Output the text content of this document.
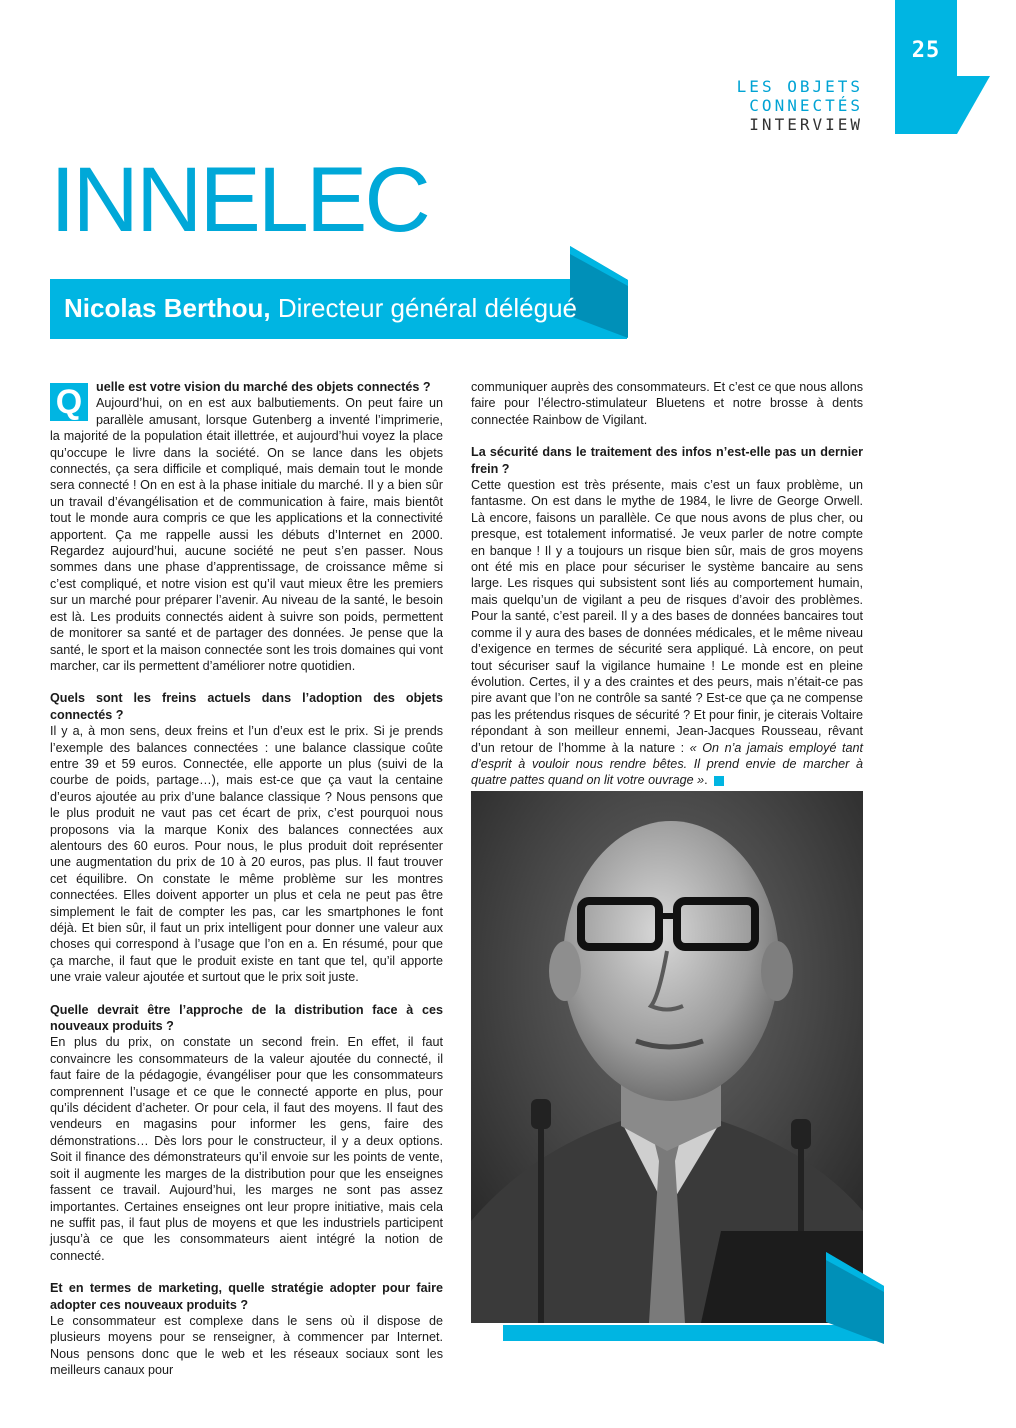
25
LES OBJETS
CONNECTÉS
INTERVIEW
INNELEC
Nicolas Berthou, Directeur général délégué
Q	uelle est votre vision du marché des objets connectés ?

Aujourd’hui, on en est aux balbutiements. On peut faire un parallèle amusant, lorsque Gutenberg a inventé l’imprimerie, la majorité de la population était illettrée, et aujourd’hui voyez la place qu’occupe le livre dans la société. On se lance dans les objets connectés, ça sera difficile et compliqué, mais demain tout le monde sera connecté ! On en est à la phase initiale du marché. Il y a bien sûr un travail d’évangélisation et de communication à faire, mais bientôt tout le monde aura compris ce que les applications et la connectivité apportent. Ça me rappelle aussi les débuts d’Internet en 2000. Regardez aujourd’hui, aucune société ne peut s’en passer. Nous sommes dans une phase d’apprentissage, de croissance même si c’est compliqué, et notre vision est qu’il vaut mieux être les premiers sur un marché pour préparer l’avenir. Au niveau de la santé, le besoin est là. Les produits connectés aident à suivre son poids, permettent de monitorer sa santé et de partager des données. Je pense que la santé, le sport et la maison connectée sont les trois domaines qui vont marcher, car ils permettent d’améliorer notre quotidien.

Quels sont les freins actuels dans l’adoption des objets connectés ?

Il y a, à mon sens, deux freins et l’un d’eux est le prix. Si je prends l’exemple des balances connectées : une balance classique coûte entre 39 et 59 euros. Connectée, elle apporte un plus (suivi de la courbe de poids, partage…), mais est-ce que ça vaut la centaine d’euros ajoutée au prix d’une balance classique ? Nous pensons que le plus produit ne vaut pas cet écart de prix, c’est pourquoi nous proposons via la marque Konix des balances connectées aux alentours des 60 euros. Pour nous, le plus produit doit représenter une augmentation du prix de 10 à 20 euros, pas plus. Il faut trouver cet équilibre. On constate le même problème sur les montres connectées. Elles doivent apporter un plus et cela ne peut pas être simplement le fait de compter les pas, car les smartphones le font déjà. Et bien sûr, il faut un prix intelligent pour donner une valeur aux choses qui correspond à l’usage que l’on en a. En résumé, pour que ça marche, il faut que le produit existe en tant que tel, qu’il apporte une vraie valeur ajoutée et surtout que le prix soit juste.

Quelle devrait être l’approche de la distribution face à ces nouveaux produits ?

En plus du prix, on constate un second frein. En effet, il faut convaincre les consommateurs de la valeur ajoutée du connecté, il faut faire de la pédagogie, évangéliser pour que les consommateurs comprennent l’usage et ce que le connecté apporte en plus, pour qu’ils décident d’acheter. Or pour cela, il faut des moyens. Il faut des vendeurs en magasins pour informer les gens, faire des démonstrations… Dès lors pour le constructeur, il y a deux options. Soit il finance des démonstrateurs qu’il envoie sur les points de vente, soit il augmente les marges de la distribution pour que les enseignes fassent ce travail. Aujourd’hui, les marges ne sont pas assez importantes. Certaines enseignes ont leur propre initiative, mais cela ne suffit pas, il faut plus de moyens et que les industriels participent jusqu’à ce que les consommateurs aient intégré la notion de connecté.

Et en termes de marketing, quelle stratégie adopter pour faire adopter ces nouveaux produits ?

Le consommateur est complexe dans le sens où il dispose de plusieurs moyens pour se renseigner, à commencer par Internet. Nous pensons donc que le web et les réseaux sociaux sont les meilleurs canaux pour

communiquer auprès des consommateurs. Et c’est ce que nous allons faire pour l’électro-stimulateur Bluetens et notre brosse à dents connectée Rainbow de Vigilant.

La sécurité dans le traitement des infos n’est-elle pas un dernier frein ?

Cette question est très présente, mais c’est un faux problème, un fantasme. On est dans le mythe de 1984, le livre de George Orwell. Là encore, faisons un parallèle. Ce que nous avons de plus cher, ou presque, est totalement informatisé. Je veux parler de notre compte en banque ! Il y a toujours un risque bien sûr, mais de gros moyens ont été mis en place pour sécuriser le système bancaire au sens large. Les risques qui subsistent sont liés au comportement humain, mais quelqu’un de vigilant a peu de risques d’avoir des problèmes. Pour la santé, c’est pareil. Il y a des bases de données bancaires tout comme il y aura des bases de données médicales, et le même niveau d’exigence en termes de sécurité sera appliqué. Là encore, on peut tout sécuriser sauf la vigilance humaine ! Le monde est en pleine évolution. Certes, il y a des craintes et des peurs, mais n’était-ce pas pire avant que l’on ne contrôle sa santé ? Est-ce que ça ne compense pas les prétendus risques de sécurité ? Et pour finir, je citerais Voltaire répondant à son meilleur ennemi, Jean-Jacques Rousseau, rêvant d’un retour de l’homme à la nature : « On n’a jamais employé tant d’esprit à vouloir nous rendre bêtes. Il prend envie de marcher à quatre pattes quand on lit votre ouvrage ».
